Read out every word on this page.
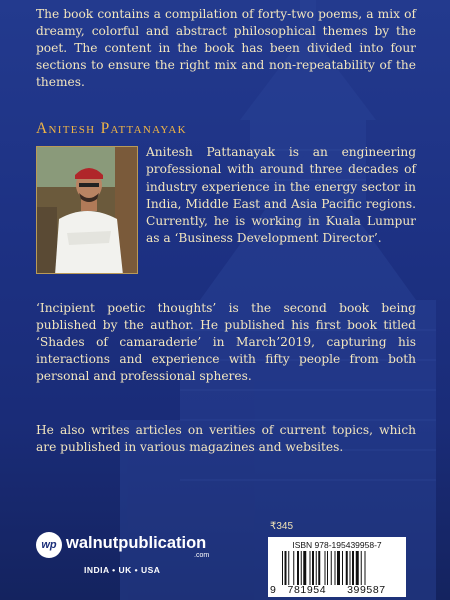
The book contains a compilation of forty-two poems, a mix of dreamy, colorful and abstract philosophical themes by the poet. The content in the book has been divided into four sections to ensure the right mix and non-repeatability of the themes.

Anitesh Pattanayak

Anitesh Pattanayak is an engineering professional with around three decades of industry experience in the energy sector in India, Middle East and Asia Pacific regions. Currently, he is working in Kuala Lumpur as a ‘Business Development Director’.

‘Incipient poetic thoughts’ is the second book being published by the author. He published his first book titled ‘Shades of camaraderie’ in March’2019, capturing his interactions and experience with fifty people from both personal and professional spheres.

He also writes articles on verities of current topics, which are published in various magazines and websites.

₹345
ISBN 978-195439958-7
9 781954 399587
wp walnutpublication
.com
INDIA • UK • USA
